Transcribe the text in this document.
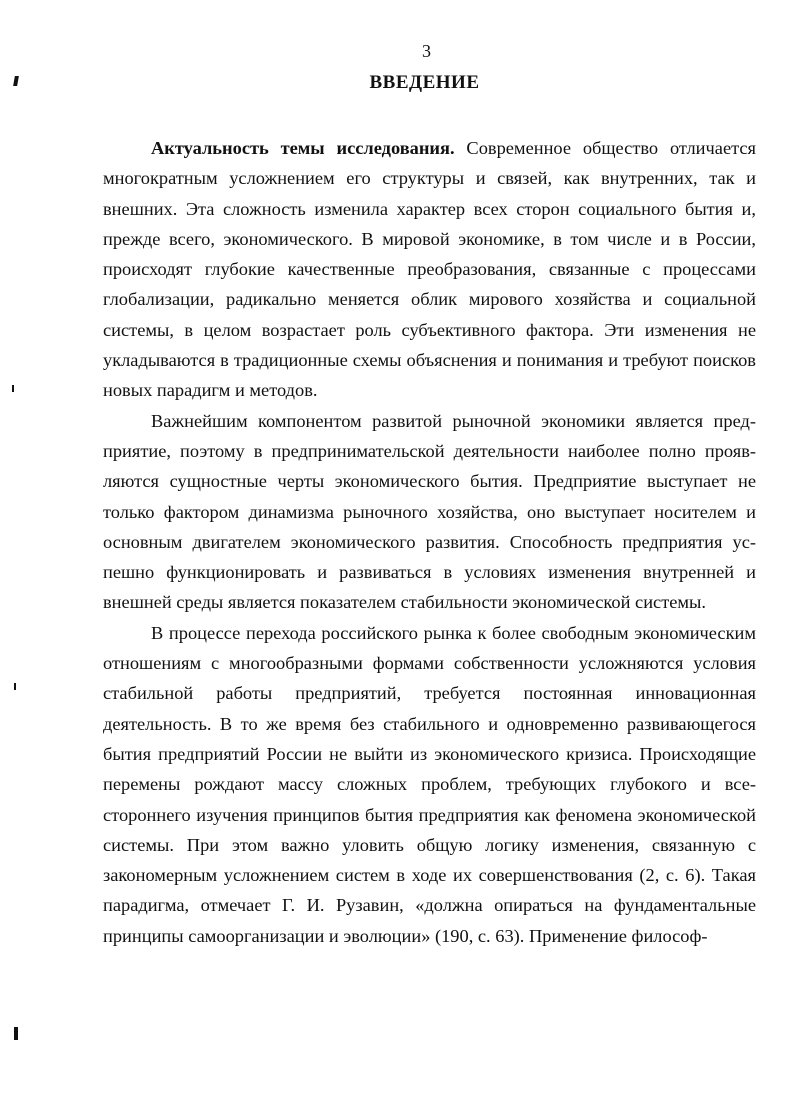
3
ВВЕДЕНИЕ

Актуальность темы исследования. Современное общество отличается многократным усложнением его структуры и связей, как внутренних, так и внешних. Эта сложность изменила характер всех сторон социального бытия и, прежде всего, экономического. В мировой экономике, в том числе и в России, происходят глубокие качественные преобразования, связанные с процессами глобализации, радикально меняется облик мирового хозяйства и социальной системы, в целом возрастает роль субъективного фактора. Эти изменения не укладываются в традиционные схемы объяснения и понимания и требуют поисков новых парадигм и методов.

Важнейшим компонентом развитой рыночной экономики является предприятие, поэтому в предпринимательской деятельности наиболее полно проявляются сущностные черты экономического бытия. Предприятие выступает не только фактором динамизма рыночного хозяйства, оно выступает носителем и основным двигателем экономического развития. Способность предприятия успешно функционировать и развиваться в условиях изменения внутренней и внешней среды является показателем стабильности экономической системы.

В процессе перехода российского рынка к более свободным экономическим отношениям с многообразными формами собственности усложняются условия стабильной работы предприятий, требуется постоянная инновационная деятельность. В то же время без стабильного и одновременно развивающегося бытия предприятий России не выйти из экономического кризиса. Происходящие перемены рождают массу сложных проблем, требующих глубокого и всестороннего изучения принципов бытия предприятия как феномена экономической системы. При этом важно уловить общую логику изменения, связанную с закономерным усложнением систем в ходе их совершенствования (2, с. 6). Такая парадигма, отмечает Г. И. Рузавин, «должна опираться на фундаментальные принципы самоорганизации и эволюции» (190, с. 63). Применение философ-
